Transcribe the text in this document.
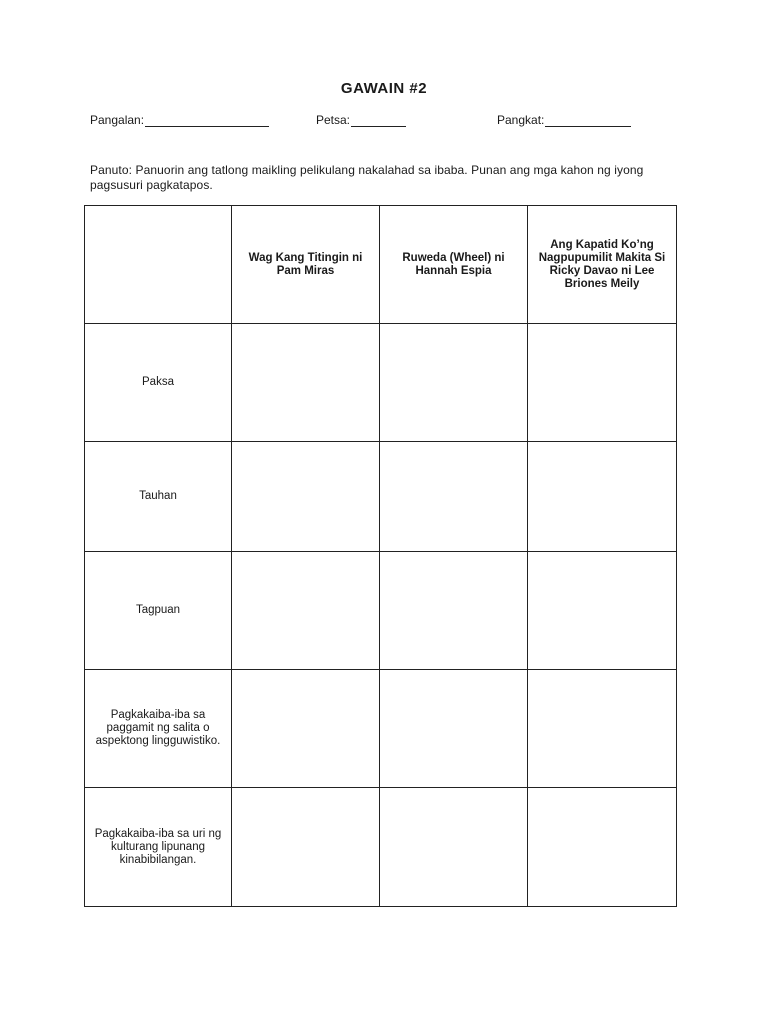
GAWAIN #2
Pangalan:	Petsa:	Pangkat:
Panuto: Panuorin ang tatlong maikling pelikulang nakalahad sa ibaba. Punan ang mga kahon ng iyong pagsusuri pagkatapos.
	Wag Kang Titingin ni Pam Miras	Ruweda (Wheel) ni Hannah Espia	Ang Kapatid Ko’ng Nagpupumilit Makita Si Ricky Davao ni Lee Briones Meily
Paksa			
Tauhan			
Tagpuan			
Pagkakaiba-iba sa paggamit ng salita o aspektong lingguwistiko.			
Pagkakaiba-iba sa uri ng kulturang lipunang kinabibilangan.			
